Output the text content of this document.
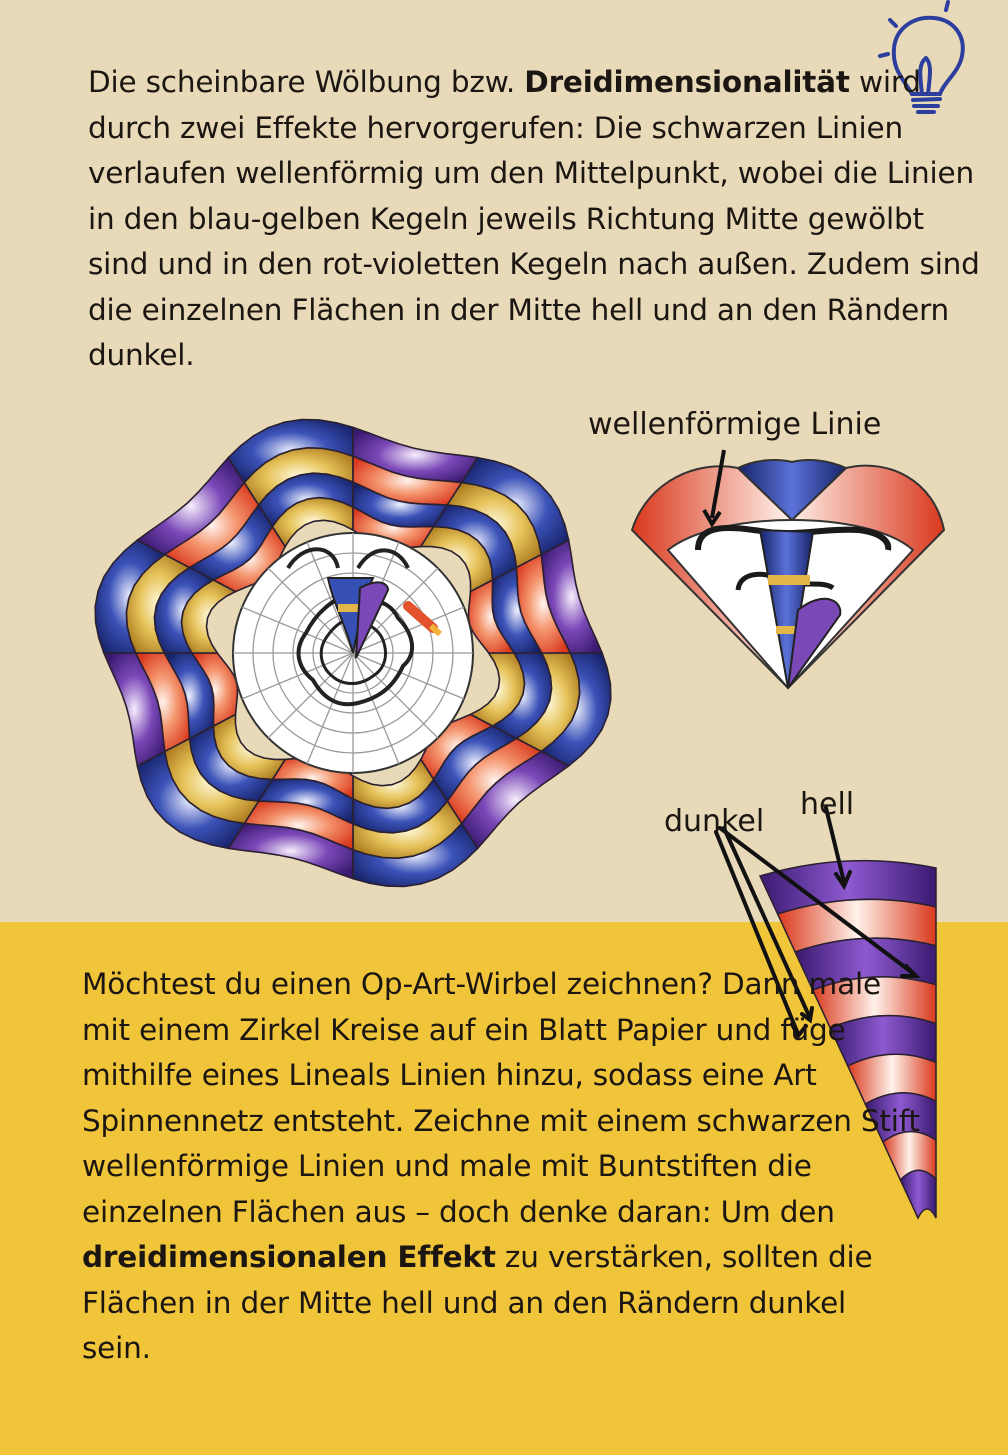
Die scheinbare Wölbung bzw. Dreidimensionalität wird durch zwei Effekte hervorgerufen: Die schwarzen Linien verlaufen wellenförmig um den Mittelpunkt, wobei die Linien in den blau-gelben Kegeln jeweils Richtung Mitte gewölbt sind und in den rot-violetten Kegeln nach außen. Zudem sind die einzelnen Flächen in der Mitte hell und an den Rändern dunkel.

wellenförmige Linie
dunkel hell

Möchtest du einen Op-Art-Wirbel zeichnen? Dann male mit einem Zirkel Kreise auf ein Blatt Papier und füge mithilfe eines Lineals Linien hinzu, sodass eine Art Spinnennetz entsteht. Zeichne mit einem schwarzen Stift wellenförmige Linien und male mit Buntstiften die einzelnen Flächen aus – doch denke daran: Um den dreidimensionalen Effekt zu verstärken, sollten die Flächen in der Mitte hell und an den Rändern dunkel sein.
